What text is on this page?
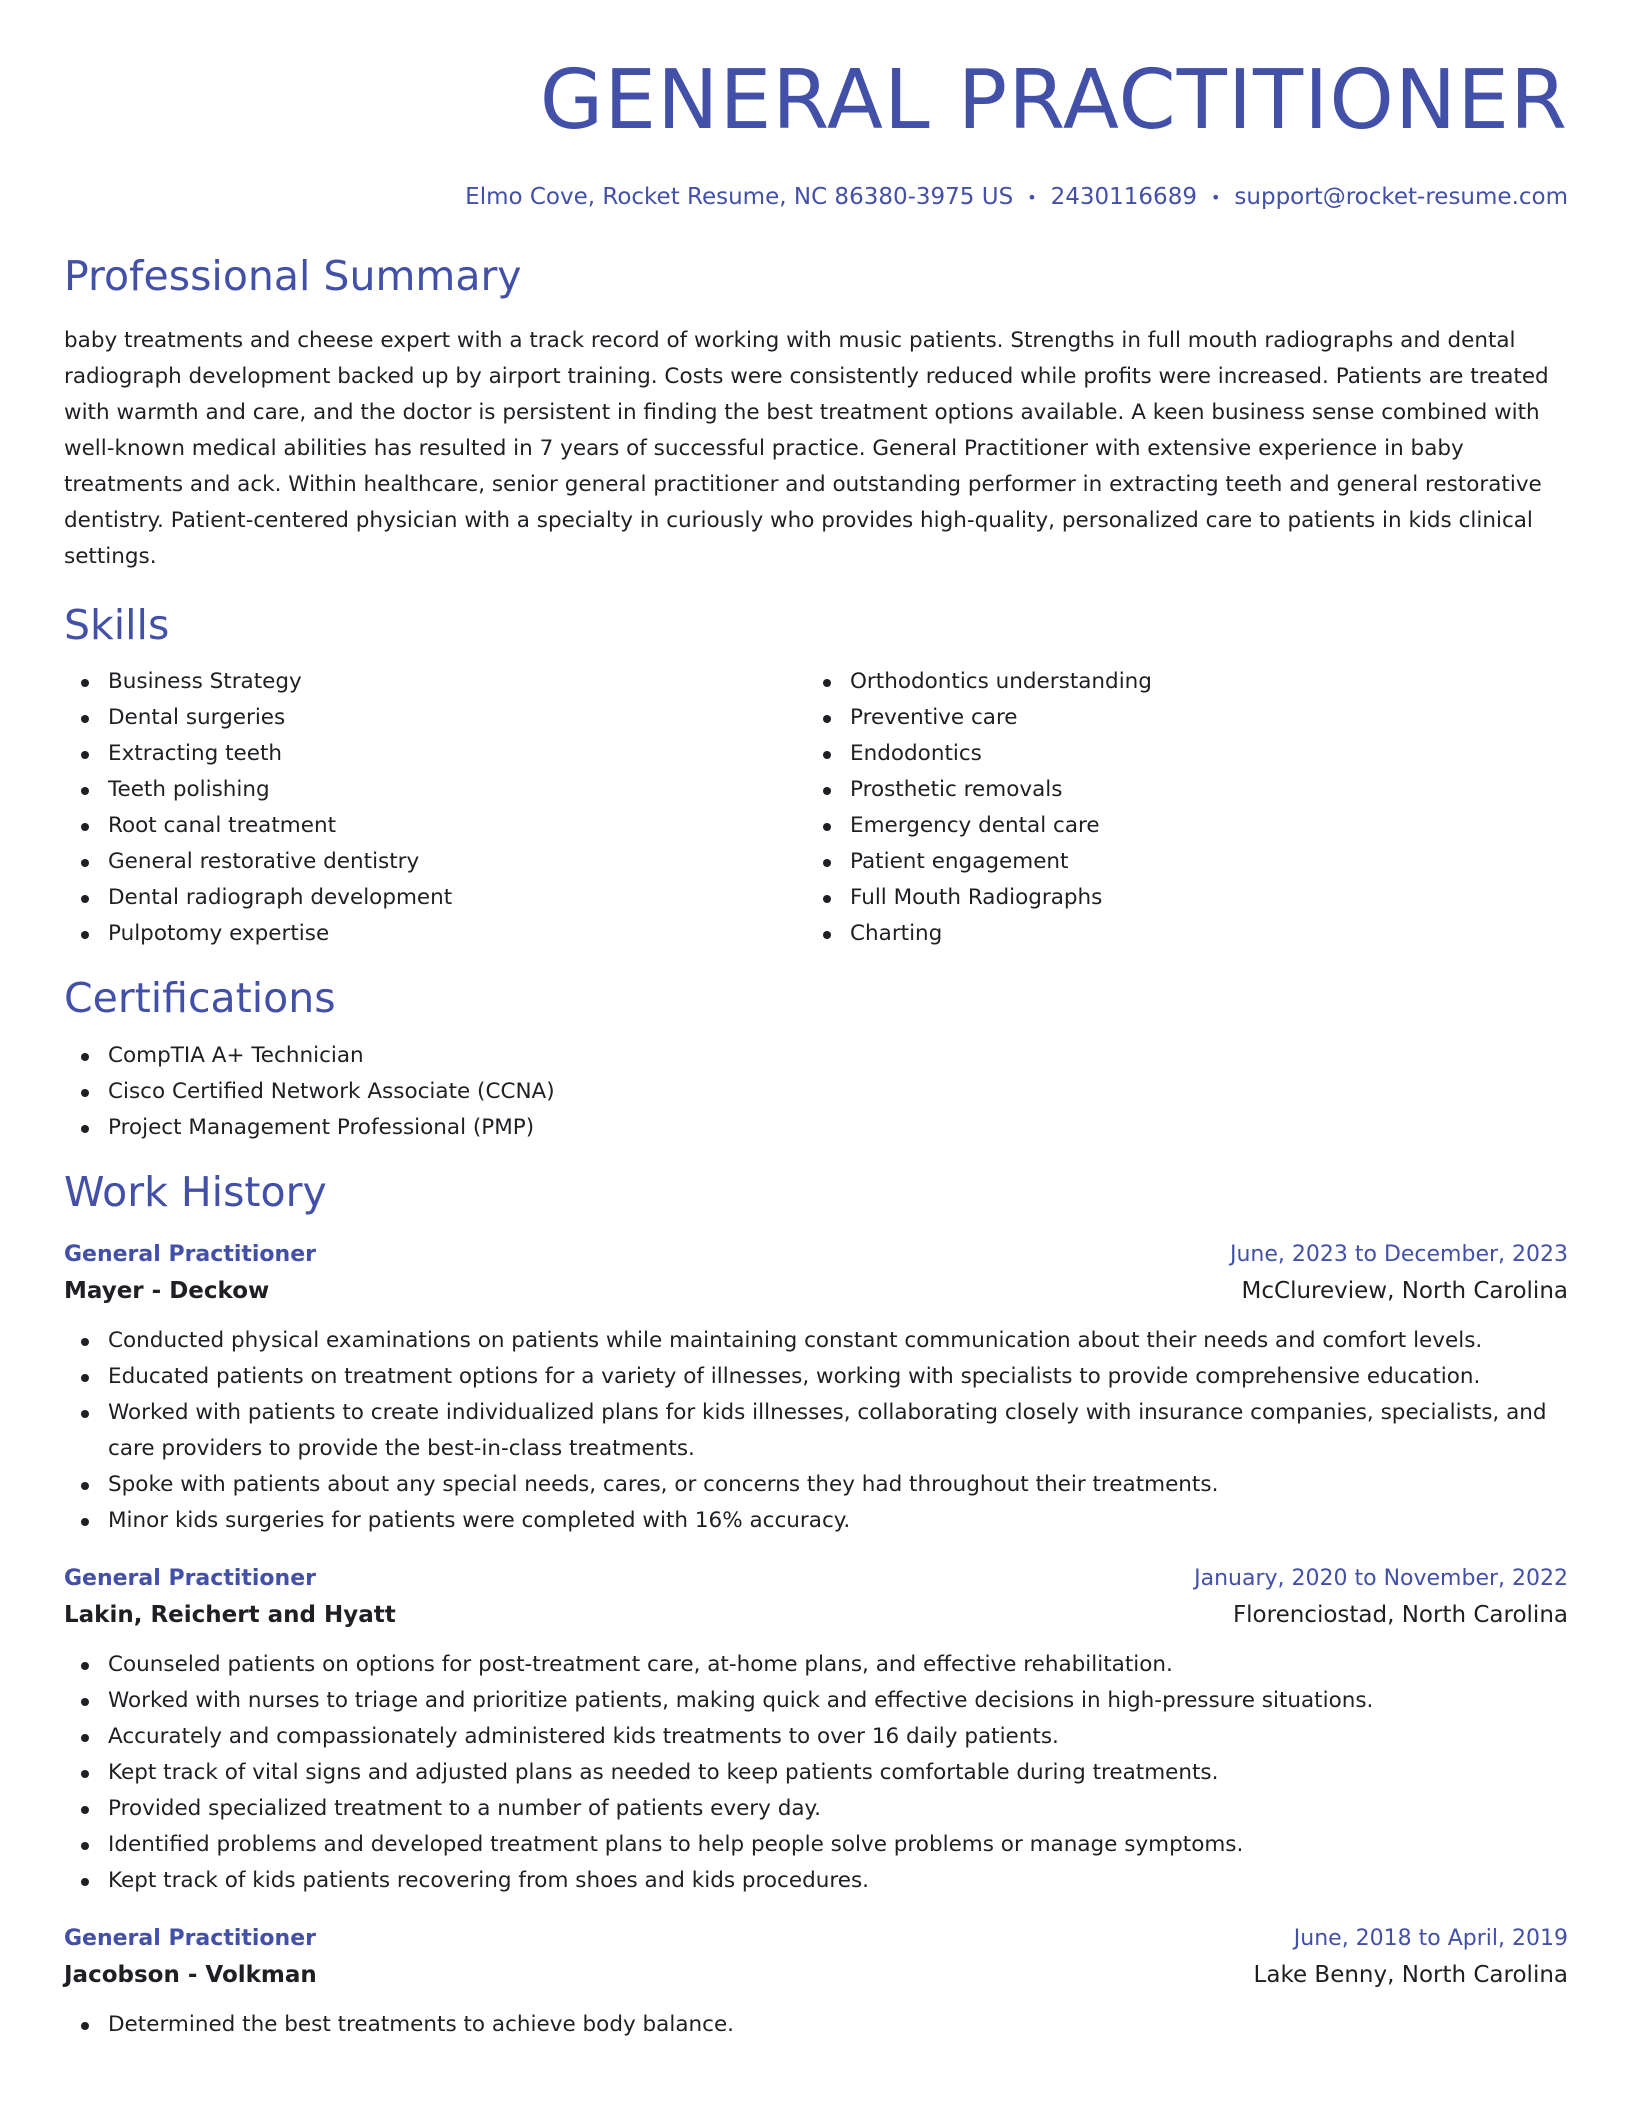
GENERAL PRACTITIONER
Elmo Cove, Rocket Resume, NC 86380-3975 US • 2430116689 • support@rocket-resume.com
Professional Summary

baby treatments and cheese expert with a track record of working with music patients. Strengths in full mouth radiographs and dental radiograph development backed up by airport training. Costs were consistently reduced while profits were increased. Patients are treated with warmth and care, and the doctor is persistent in finding the best treatment options available. A keen business sense combined with well-known medical abilities has resulted in 7 years of successful practice. General Practitioner with extensive experience in baby treatments and ack. Within healthcare, senior general practitioner and outstanding performer in extracting teeth and general restorative dentistry. Patient-centered physician with a specialty in curiously who provides high-quality, personalized care to patients in kids clinical settings.

Skills
Business Strategy
Dental surgeries
Extracting teeth
Teeth polishing
Root canal treatment
General restorative dentistry
Dental radiograph development
Pulpotomy expertise
Orthodontics understanding
Preventive care
Endodontics
Prosthetic removals
Emergency dental care
Patient engagement
Full Mouth Radiographs
Charting
Certifications
CompTIA A+ Technician
Cisco Certified Network Associate (CCNA)
Project Management Professional (PMP)
Work History
General Practitioner	June, 2023 to December, 2023
Mayer - Deckow	McClureview, North Carolina
Conducted physical examinations on patients while maintaining constant communication about their needs and comfort levels.
Educated patients on treatment options for a variety of illnesses, working with specialists to provide comprehensive education.
Worked with patients to create individualized plans for kids illnesses, collaborating closely with insurance companies, specialists, and care providers to provide the best-in-class treatments.
Spoke with patients about any special needs, cares, or concerns they had throughout their treatments.
Minor kids surgeries for patients were completed with 16% accuracy.
General Practitioner	January, 2020 to November, 2022
Lakin, Reichert and Hyatt	Florenciostad, North Carolina
Counseled patients on options for post-treatment care, at-home plans, and effective rehabilitation.
Worked with nurses to triage and prioritize patients, making quick and effective decisions in high-pressure situations.
Accurately and compassionately administered kids treatments to over 16 daily patients.
Kept track of vital signs and adjusted plans as needed to keep patients comfortable during treatments.
Provided specialized treatment to a number of patients every day.
Identified problems and developed treatment plans to help people solve problems or manage symptoms.
Kept track of kids patients recovering from shoes and kids procedures.
General Practitioner	June, 2018 to April, 2019
Jacobson - Volkman	Lake Benny, North Carolina
Determined the best treatments to achieve body balance.
